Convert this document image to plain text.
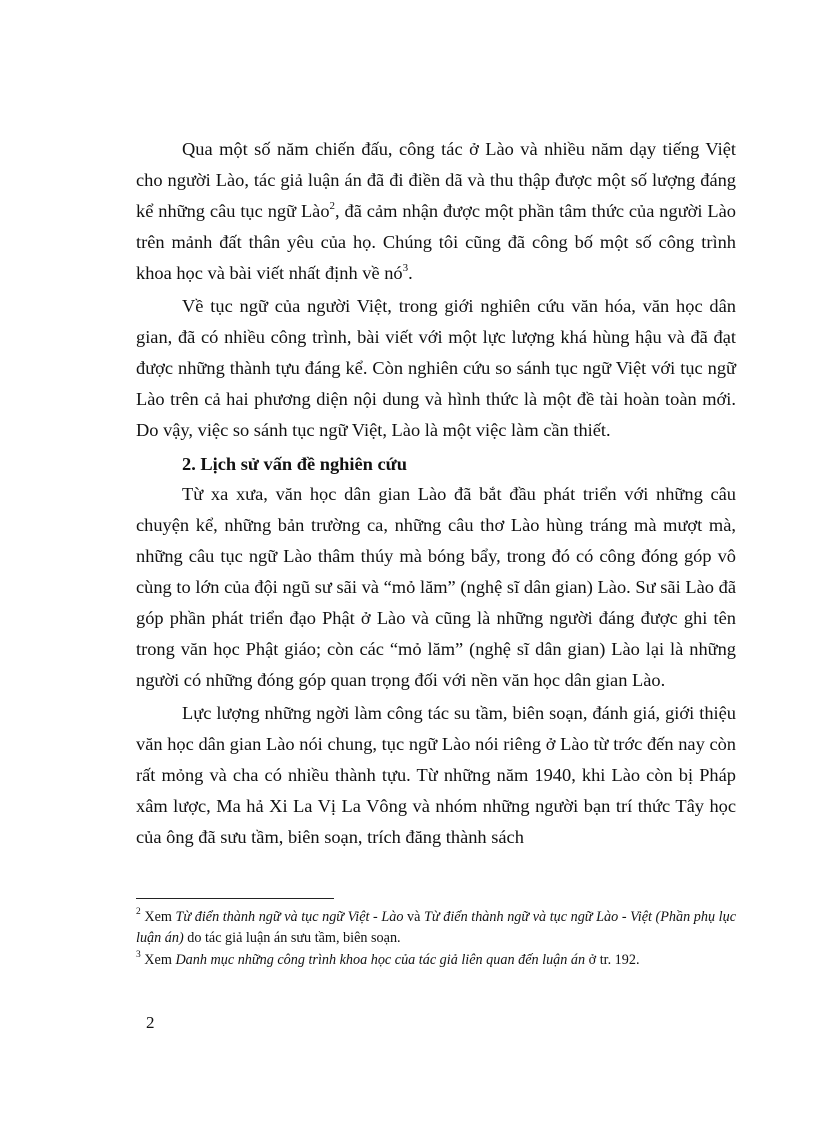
Qua một số năm chiến đấu, công tác ở Lào và nhiều năm dạy tiếng Việt cho người Lào, tác giả luận án đã đi điền dã và thu thập được một số lượng đáng kể những câu tục ngữ Lào$^2$, đã cảm nhận được một phần tâm thức của người Lào trên mảnh đất thân yêu của họ. Chúng tôi cũng đã công bố một số công trình khoa học và bài viết nhất định về $nó^3$.

Về tục ngữ của người Việt, trong giới nghiên cứu văn hóa, văn học dân gian, đã có nhiều công trình, bài viết với một lực lượng khá hùng hậu và đã đạt được những thành tựu đáng kể. Còn nghiên cứu so sánh tục ngữ Việt với tục ngữ Lào trên cả hai phương diện nội dung và hình thức là một đề tài hoàn toàn mới. Do vậy, việc so sánh tục ngữ Việt, Lào là một việc làm cần thiết.

2. Lịch sử vấn đề nghiên cứu

Từ xa xưa, văn học dân gian Lào đã bắt đầu phát triển với những câu chuyện kể, những bản trường ca, những câu thơ Lào hùng tráng mà mượt mà, những câu tục ngữ Lào thâm thúy mà bóng bẩy, trong đó có công đóng góp vô cùng to lớn của đội ngũ sư sãi và “mỏ lăm” (nghệ sĩ dân gian) Lào. Sư sãi Lào đã góp phần phát triển đạo Phật ở Lào và cũng là những người đáng được ghi tên trong văn học Phật giáo; còn các “mỏ lăm” (nghệ sĩ dân gian) Lào lại là những người có những đóng góp quan trọng đối với nền văn học dân gian Lào.

Lực lượng những ngời làm công tác su tầm, biên soạn, đánh giá, giới thiệu văn học dân gian Lào nói chung, tục ngữ Lào nói riêng ở Lào từ trớc đến nay còn rất mỏng và cha có nhiều thành tựu. Từ những năm 1940, khi Lào còn bị Pháp xâm lược, Ma hả Xi La Vị La Vông và nhóm những người bạn trí thức Tây học của ông đã sưu tầm, biên soạn, trích đăng thành sách

$^2$ Xem Từ điển thành ngữ và tục ngữ Việt - Lào và Từ điển thành ngữ và tục ngữ Lào - Việt (Phần phụ lục luận án) do tác giả luận án sưu tầm, biên soạn.

$^3$ Xem Danh mục những công trình khoa học của tác giả liên quan đến luận án ở tr. 192.

2
